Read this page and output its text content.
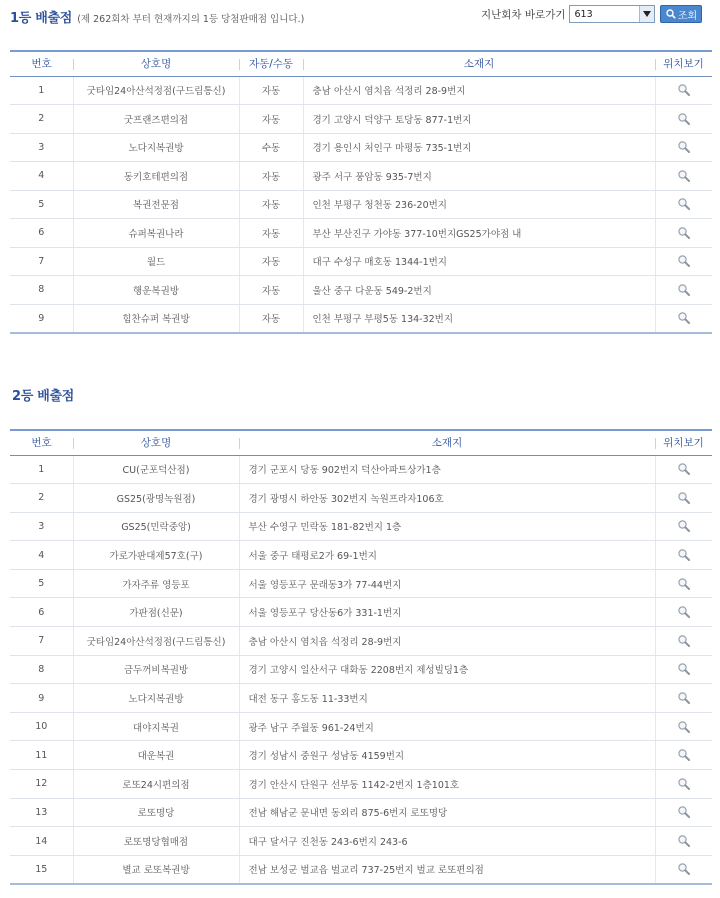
1등 배출점 (제 262회차 부터 현재까지의 1등 당첨판매점 입니다.)	지난회차 바로가기 613	조회
번호	상호명	자동/수동	소재지	위치보기
1	굿타임24아산석정점(구드림통신)	자동	충남 아산시 염치읍 석정리 28-9번지	
2	굿프랜즈편의점	자동	경기 고양시 덕양구 토당동 877-1번지	
3	노다지복권방	수동	경기 용인시 처인구 마평동 735-1번지	
4	동키호테편의점	자동	광주 서구 풍암동 935-7번지	
5	복권전문점	자동	인천 부평구 청천동 236-20번지	
6	슈퍼복권나라	자동	부산 부산진구 가야동 377-10번지GS25가야점 내	
7	월드	자동	대구 수성구 매호동 1344-1번지	
8	행운복권방	자동	울산 중구 다운동 549-2번지	
9	힘찬슈퍼 복권방	자동	인천 부평구 부평5동 134-32번지	
2등 배출점
번호	상호명	소재지	위치보기
1	CU(군포덕산점)	경기 군포시 당동 902번지 덕산아파트상가1층	
2	GS25(광명녹원점)	경기 광명시 하안동 302번지 녹원프라자106호	
3	GS25(민락중앙)	부산 수영구 민락동 181-82번지 1층	
4	가로가판대제57호(구)	서울 중구 태평로2가 69-1번지	
5	가자주류 영등포	서울 영등포구 문래동3가 77-44번지	
6	가판점(신문)	서울 영등포구 당산동6가 331-1번지	
7	굿타임24아산석정점(구드림통신)	충남 아산시 염치읍 석정리 28-9번지	
8	금두꺼비복권방	경기 고양시 일산서구 대화동 2208번지 제성빌딩1층	
9	노다지복권방	대전 동구 홍도동 11-33번지	
10	대야지복권	광주 남구 주월동 961-24번지	
11	대운복권	경기 성남시 중원구 성남동 4159번지	
12	로또24시편의점	경기 안산시 단원구 선부동 1142-2번지 1층101호	
13	로또명당	전남 해남군 문내면 동외리 875-6번지 로또명당	
14	로또명당협매점	대구 달서구 진천동 243-6번지 243-6	
15	별교 로또복권방	전남 보성군 벌교읍 벌교리 737-25번지 벌교 로또편의점	
